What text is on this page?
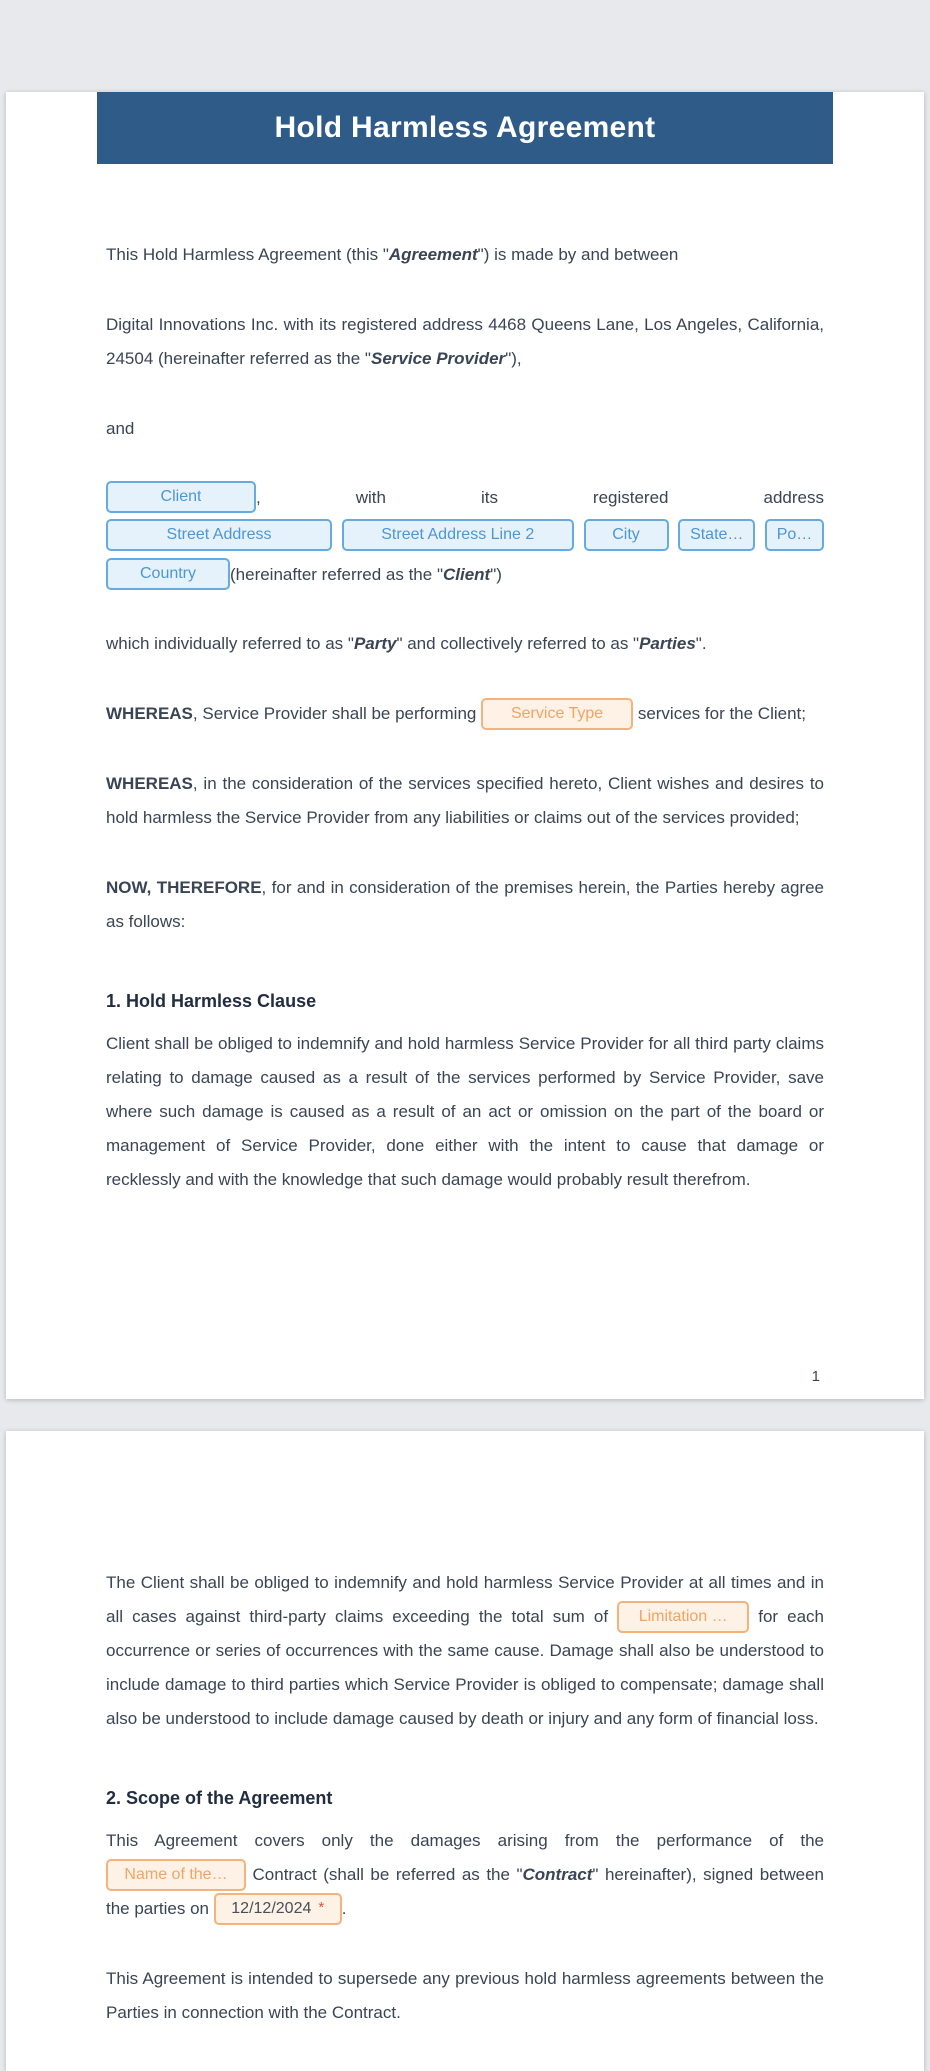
Hold Harmless Agreement

This Hold Harmless Agreement (this "Agreement") is made by and between

Digital Innovations Inc. with its registered address 4468 Queens Lane, Los Angeles, California, 24504 (hereinafter referred as the "Service Provider"),

and

Client	,	with	its	registered	address
Street Address	Street Address Line 2	City	State… Po…
Country (hereinafter referred as the " Client ")

which individually referred to as "Party" and collectively referred to as "Parties".

WHEREAS, Service Provider shall be performing Service Type services for the Client;

WHEREAS, in the consideration of the services specified hereto, Client wishes and desires to hold harmless the Service Provider from any liabilities or claims out of the services provided;

NOW, THEREFORE, for and in consideration of the premises herein, the Parties hereby agree as follows:

1. Hold Harmless Clause

Client shall be obliged to indemnify and hold harmless Service Provider for all third party claims relating to damage caused as a result of the services performed by Service Provider, save where such damage is caused as a result of an act or omission on the part of the board or management of Service Provider, done either with the intent to cause that damage or recklessly and with the knowledge that such damage would probably result therefrom.

1

The Client shall be obliged to indemnify and hold harmless Service Provider at all times and in all cases against third-party claims exceeding the total sum of Limitation … for each occurrence or series of occurrences with the same cause. Damage shall also be understood to include damage to third parties which Service Provider is obliged to compensate; damage shall also be understood to include damage caused by death or injury and any form of financial loss.

2. Scope of the Agreement

This Agreement covers only the damages arising from the performance of the
Name of the… Contract (shall be referred as the "Contract" hereinafter), signed between the parties on 12/12/2024 * .

This Agreement is intended to supersede any previous hold harmless agreements between the Parties in connection with the Contract.
